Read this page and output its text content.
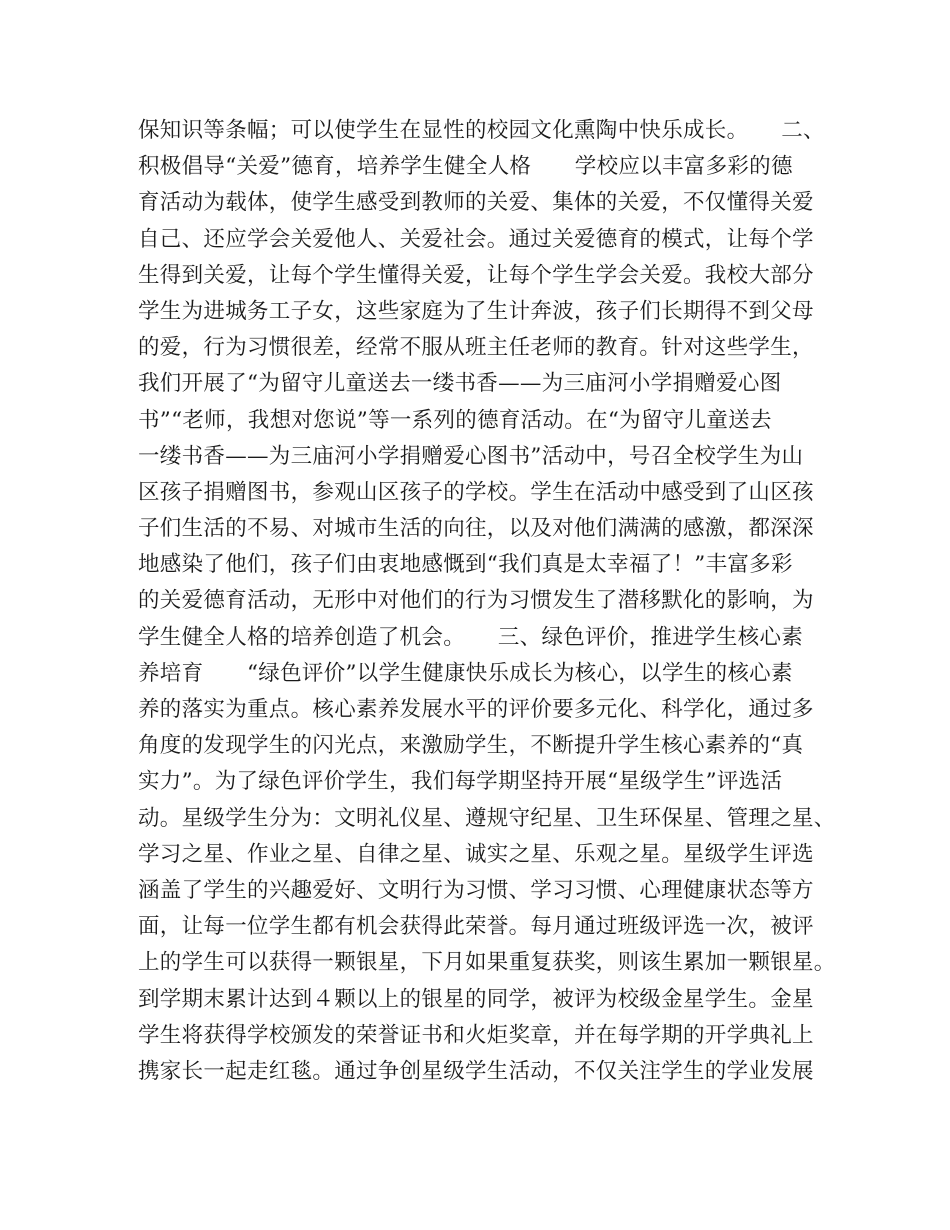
保知识等条幅；可以使学生在显性的校园文化熏陶中快乐成长。　　二、
积极倡导“关爱”德育，培养学生健全人格　　学校应以丰富多彩的德
育活动为载体，使学生感受到教师的关爱、集体的关爱，不仅懂得关爱
自己、还应学会关爱他人、关爱社会。通过关爱德育的模式，让每个学
生得到关爱，让每个学生懂得关爱，让每个学生学会关爱。我校大部分
学生为进城务工子女，这些家庭为了生计奔波，孩子们长期得不到父母
的爱，行为习惯很差，经常不服从班主任老师的教育。针对这些学生，
我们开展了“为留守儿童送去一缕书香——为三庙河小学捐赠爱心图
书”“老师，我想对您说”等一系列的德育活动。在“为留守儿童送去
一缕书香——为三庙河小学捐赠爱心图书”活动中，号召全校学生为山
区孩子捐赠图书，参观山区孩子的学校。学生在活动中感受到了山区孩
子们生活的不易、对城市生活的向往，以及对他们满满的感激，都深深
地感染了他们，孩子们由衷地感慨到“我们真是太幸福了！”丰富多彩
的关爱德育活动，无形中对他们的行为习惯发生了潜移默化的影响，为
学生健全人格的培养创造了机会。　　三、绿色评价，推进学生核心素
养培育　　“绿色评价”以学生健康快乐成长为核心，以学生的核心素
养的落实为重点。核心素养发展水平的评价要多元化、科学化，通过多
角度的发现学生的闪光点，来激励学生，不断提升学生核心素养的“真
实力”。为了绿色评价学生，我们每学期坚持开展“星级学生”评选活
动。星级学生分为：文明礼仪星、遵规守纪星、卫生环保星、管理之星、
学习之星、作业之星、自律之星、诚实之星、乐观之星。星级学生评选
涵盖了学生的兴趣爱好、文明行为习惯、学习习惯、心理健康状态等方
面，让每一位学生都有机会获得此荣誉。每月通过班级评选一次，被评
上的学生可以获得一颗银星，下月如果重复获奖，则该生累加一颗银星。
到学期末累计达到４颗以上的银星的同学，被评为校级金星学生。金星
学生将获得学校颁发的荣誉证书和火炬奖章，并在每学期的开学典礼上
携家长一起走红毯。通过争创星级学生活动，不仅关注学生的学业发展
